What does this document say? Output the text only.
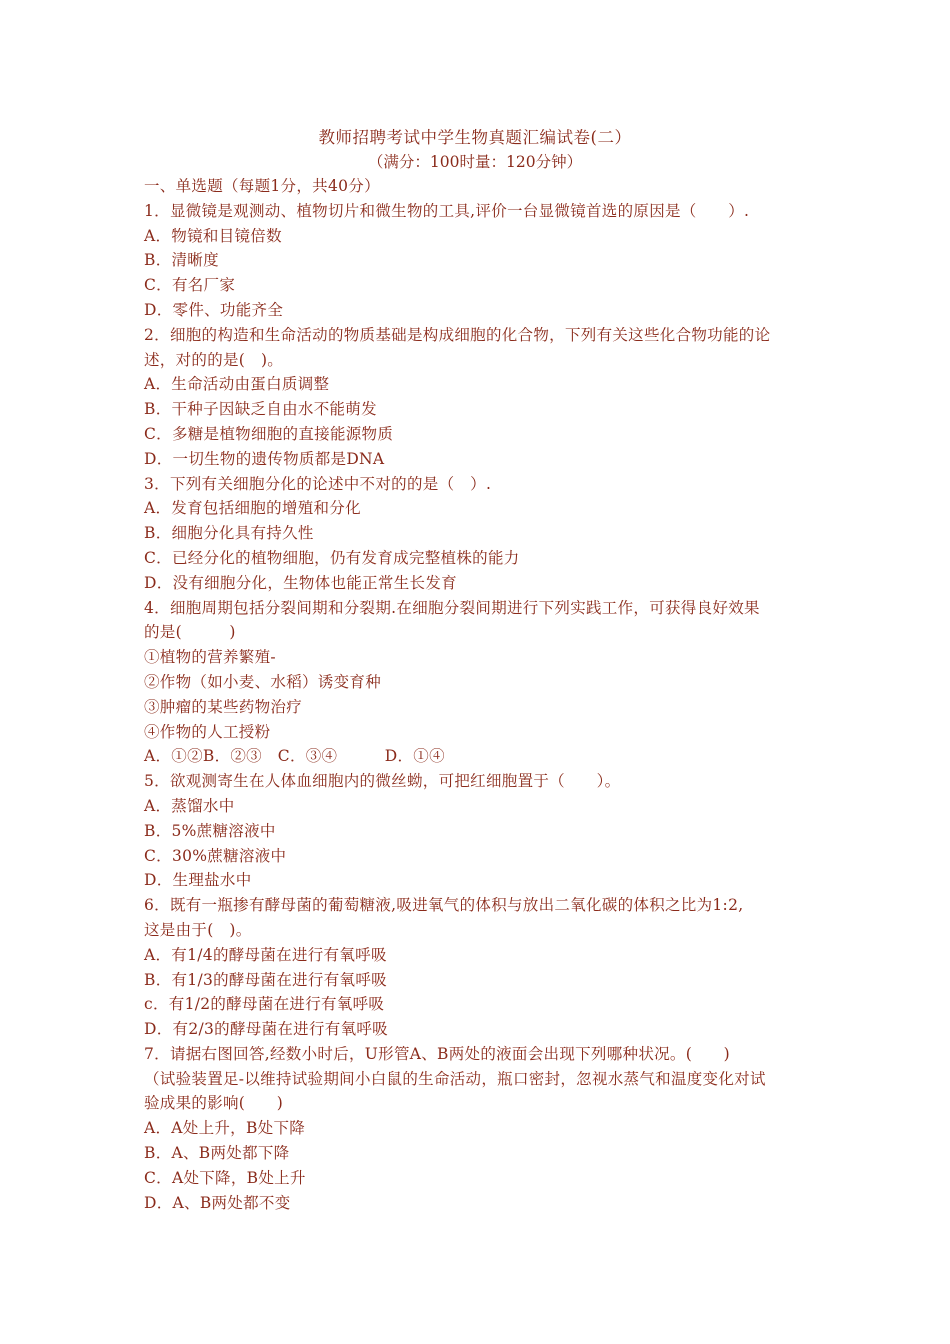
教师招聘考试中学生物真题汇编试卷(二）
（满分：100时量：120分钟）
一、单选题（每题1分，共40分）
1．显微镜是观测动、植物切片和微生物的工具,评价一台显微镜首选的原因是（　　）.
A．物镜和目镜倍数
B．清晰度
C．有名厂家
D．零件、功能齐全
2．细胞的构造和生命活动的物质基础是构成细胞的化合物，下列有关这些化合物功能的论
述，对的的是(　)。
A．生命活动由蛋白质调整
B．干种子因缺乏自由水不能萌发
C．多糖是植物细胞的直接能源物质
D．一切生物的遗传物质都是DNA
3．下列有关细胞分化的论述中不对的的是（　）.
A．发育包括细胞的增殖和分化
B．细胞分化具有持久性
C．已经分化的植物细胞，仍有发育成完整植株的能力
D．没有细胞分化，生物体也能正常生长发育
4．细胞周期包括分裂间期和分裂期.在细胞分裂间期进行下列实践工作，可获得良好效果
的是(　　　)
①植物的营养繁殖-
②作物（如小麦、水稻）诱变育种
③肿瘤的某些药物治疗
④作物的人工授粉
A．①②B．②③　C．③④　　　D．①④
5．欲观测寄生在人体血细胞内的微丝蚴，可把红细胞置于（　　）。
A．蒸馏水中
B．5%蔗糖溶液中
C．30%蔗糖溶液中
D．生理盐水中
6．既有一瓶掺有酵母菌的葡萄糖液,吸进氧气的体积与放出二氧化碳的体积之比为1:2,
这是由于(　)。
A．有1/4的酵母菌在进行有氧呼吸
B．有1/3的酵母菌在进行有氧呼吸
c．有1/2的酵母菌在进行有氧呼吸
D．有2/3的酵母菌在进行有氧呼吸
7．请据右图回答,经数小时后，U形管A、B两处的液面会出现下列哪种状况。(　　)
（试验装置足-以维持试验期间小白鼠的生命活动，瓶口密封，忽视水蒸气和温度变化对试
验成果的影响(　　)
A．A处上升，B处下降
B．A、B两处都下降
C．A处下降，B处上升
D．A、B两处都不变
